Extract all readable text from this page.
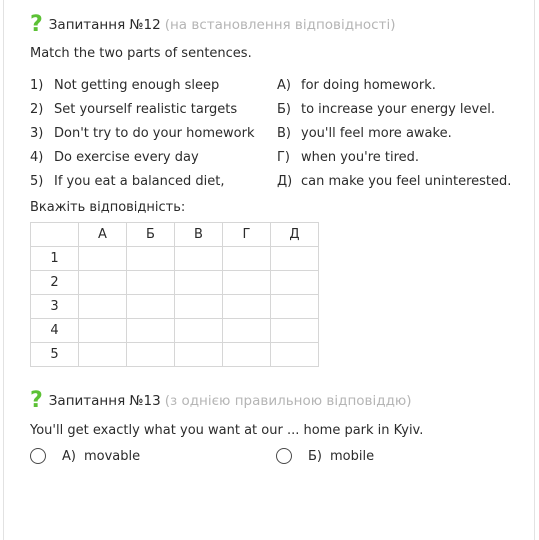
? Запитання №12 (на встановлення відповідності)
Match the two parts of sentences.
1) Not getting enough sleep
2) Set yourself realistic targets
3) Don't try to do your homework
4) Do exercise every day
5) If you eat a balanced diet,
А) for doing homework.
Б) to increase your energy level.
В) you'll feel more awake.
Г) when you're tired.
Д) can make you feel uninterested.
Вкажіть відповідність:
	А	Б	В	Г	Д
1					
2					
3					
4					
5					
? Запитання №13 (з однією правильною відповіддю)
You'll get exactly what you want at our ... home park in Kyiv.
А) movable	Б) mobile
